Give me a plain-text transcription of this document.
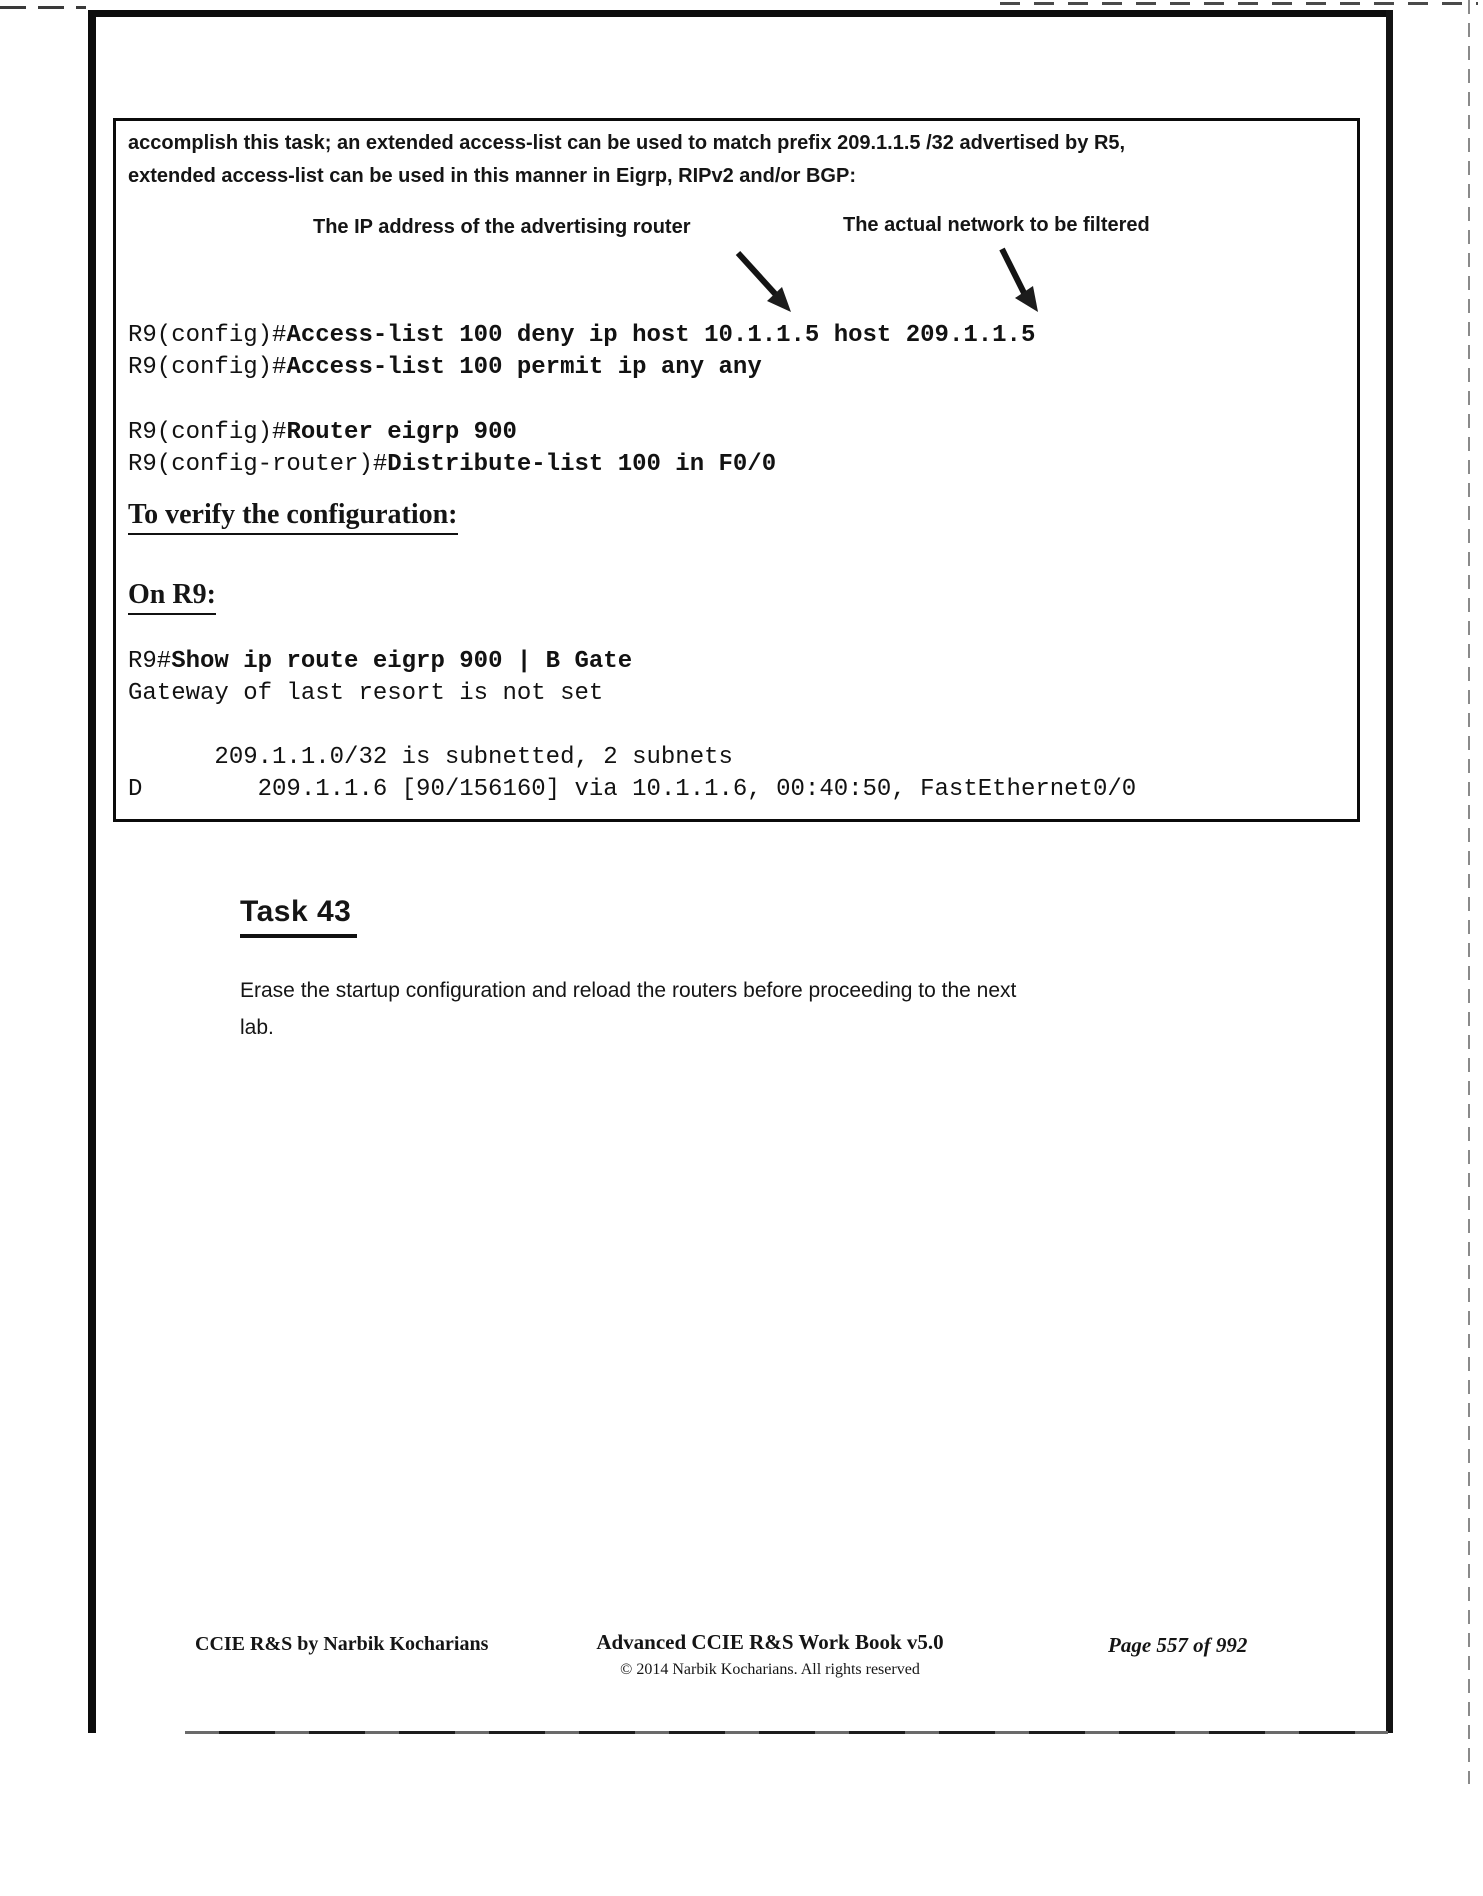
accomplish this task; an extended access-list can be used to match prefix 209.1.1.5 /32 advertised by R5,
extended access-list can be used in this manner in Eigrp, RIPv2 and/or BGP:
The IP address of the advertising router	The actual network to be filtered
R9(config)#Access-list 100 deny ip host 10.1.1.5 host 209.1.1.5
R9(config)#Access-list 100 permit ip any any
R9(config)#Router eigrp 900
R9(config-router)#Distribute-list 100 in F0/0
To verify the configuration:
On R9:
R9#Show ip route eigrp 900 | B Gate
Gateway of last resort is not set
209.1.1.0/32 is subnetted, 2 subnets
D        209.1.1.6 [90/156160] via 10.1.1.6, 00:40:50, FastEthernet0/0
Task 43
Erase the startup configuration and reload the routers before proceeding to the next
lab.
CCIE R&S by Narbik Kocharians	Advanced CCIE R&S Work Book v5.0
© 2014 Narbik Kocharians. All rights reserved
Page 557 of 992
